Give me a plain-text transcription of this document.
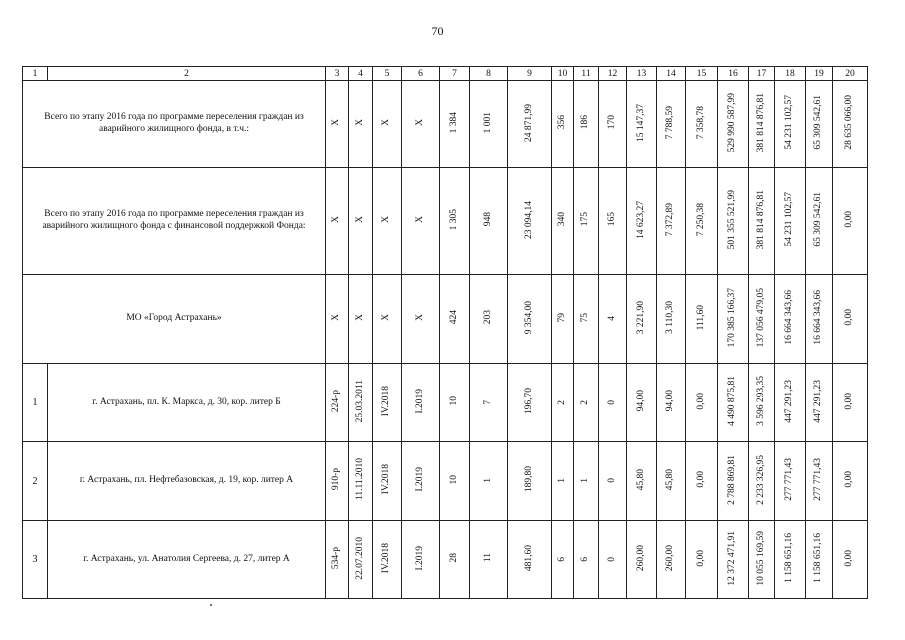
70
1	2	3	4	5	6	7	8	9	10	11	12	13	14	15	16	17	18	19	20
Всего по этапу 2016 года по программе переселения граждан из аварийного жилищного фонда, в т.ч.:		Х	Х	Х	Х	1 384	1 001	24 871,99	356	186	170	15 147,37	7 788,59	7 358,78	529 990 587,99	381 814 876,81	54 231 102,57	65 309 542,61	28 635 066,00
Всего по этапу 2016 года по программе переселения граждан из аварийного жилищного фонда с финансовой поддержкой Фонда:		Х	Х	Х	Х	1 305	948	23 094,14	340	175	165	14 623,27	7 372,89	7 250,38	501 355 521,99	381 814 876,81	54 231 102,57	65 309 542,61	0,00
МО «Город Астрахань»		Х	Х	Х	Х	424	203	9 354,00	79	75	4	3 221,90	3 110,30	111,60	170 385 166,37	137 056 479,05	16 664 343,66	16 664 343,66	0,00
1	г. Астрахань, пл. К. Маркса, д. 30, кор. литер Б	224-р	25.03.2011	IV.2018	I.2019	10	7	196,70	2	2	0	94,00	94,00	0,00	4 490 875,81	3 596 293,35	447 291,23	447 291,23	0,00
2	г. Астрахань, пл. Нефтебазовская, д. 19, кор. литер А	910-р	11.11.2010	IV.2018	I.2019	10	1	189,80	1	1	0	45,80	45,80	0,00	2 788 869,81	2 233 326,95	277 771,43	277 771,43	0,00
3	г. Астрахань, ул. Анатолия Сергеева, д. 27, литер А	534-р	22.07.2010	IV.2018	I.2019	28	11	481,60	6	6	0	260,00	260,00	0,00	12 372 471,91	10 055 169,59	1 158 651,16	1 158 651,16	0,00
